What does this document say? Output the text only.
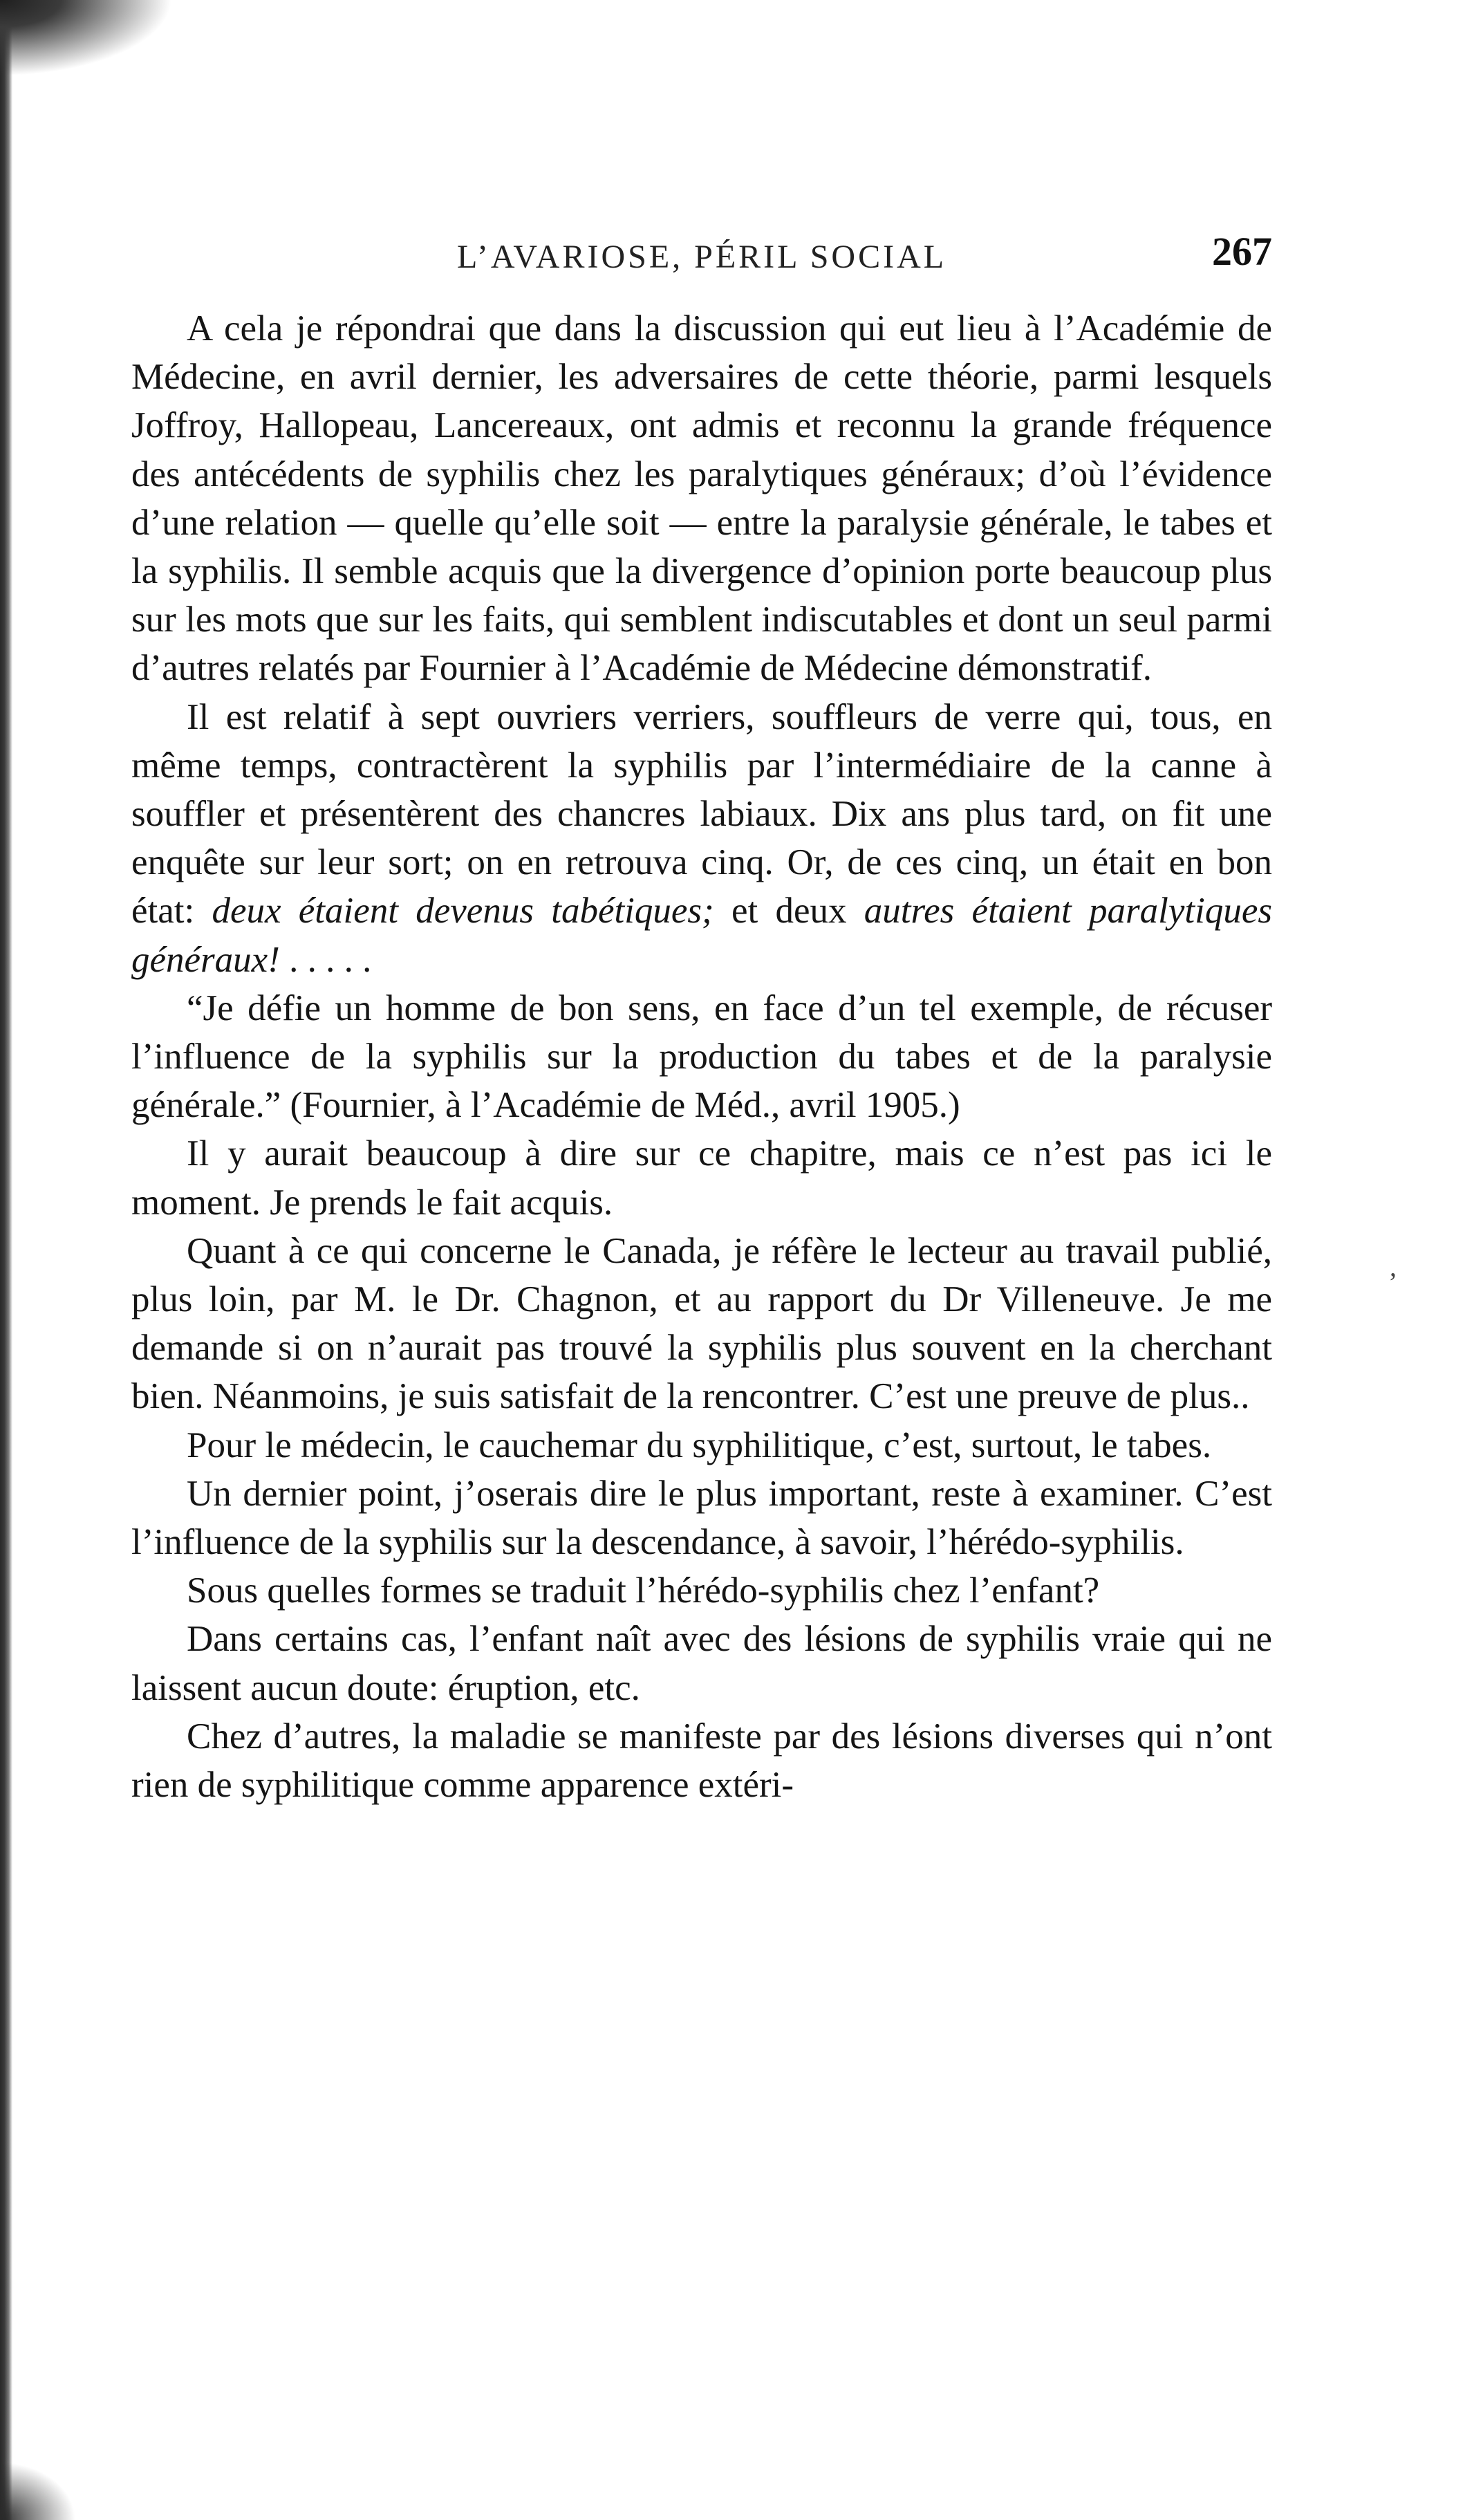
L’AVARIOSE, PÉRIL SOCIAL	267

A cela je répondrai que dans la discussion qui eut lieu à l’Académie de Médecine, en avril dernier, les adversaires de cette théorie, parmi lesquels Joffroy, Hallopeau, Lancereaux, ont admis et reconnu la grande fréquence des antécédents de syphilis chez les paralytiques généraux; d’où l’évidence d’une relation — quelle qu’elle soit — entre la paralysie générale, le tabes et la syphilis. Il semble acquis que la divergence d’opinion porte beaucoup plus sur les mots que sur les faits, qui semblent indiscutables et dont un seul parmi d’autres relatés par Fournier à l’Académie de Médecine démonstratif.

Il est relatif à sept ouvriers verriers, souffleurs de verre qui, tous, en même temps, contractèrent la syphilis par l’intermédiaire de la canne à souffler et présentèrent des chancres labiaux. Dix ans plus tard, on fit une enquête sur leur sort; on en retrouva cinq. Or, de ces cinq, un était en bon état: deux étaient devenus tabétiques; et deux autres étaient paralytiques généraux! . . . . .

“Je défie un homme de bon sens, en face d’un tel exemple, de récuser l’influence de la syphilis sur la production du tabes et de la paralysie générale.” (Fournier, à l’Académie de Méd., avril 1905.)

Il y aurait beaucoup à dire sur ce chapitre, mais ce n’est pas ici le moment. Je prends le fait acquis.

Quant à ce qui concerne le Canada, je réfère le lecteur au travail publié, plus loin, par M. le Dr. Chagnon, et au rapport du Dr Villeneuve. Je me demande si on n’aurait pas trouvé la syphilis plus souvent en la cherchant bien. Néanmoins, je suis satisfait de la rencontrer. C’est une preuve de plus..

Pour le médecin, le cauchemar du syphilitique, c’est, surtout, le tabes.

Un dernier point, j’oserais dire le plus important, reste à examiner. C’est l’influence de la syphilis sur la descendance, à savoir, l’hérédo-syphilis.

Sous quelles formes se traduit l’hérédo-syphilis chez l’enfant?

Dans certains cas, l’enfant naît avec des lésions de syphilis vraie qui ne laissent aucun doute: éruption, etc.

Chez d’autres, la maladie se manifeste par des lésions diverses qui n’ont rien de syphilitique comme apparence extéri-

,
